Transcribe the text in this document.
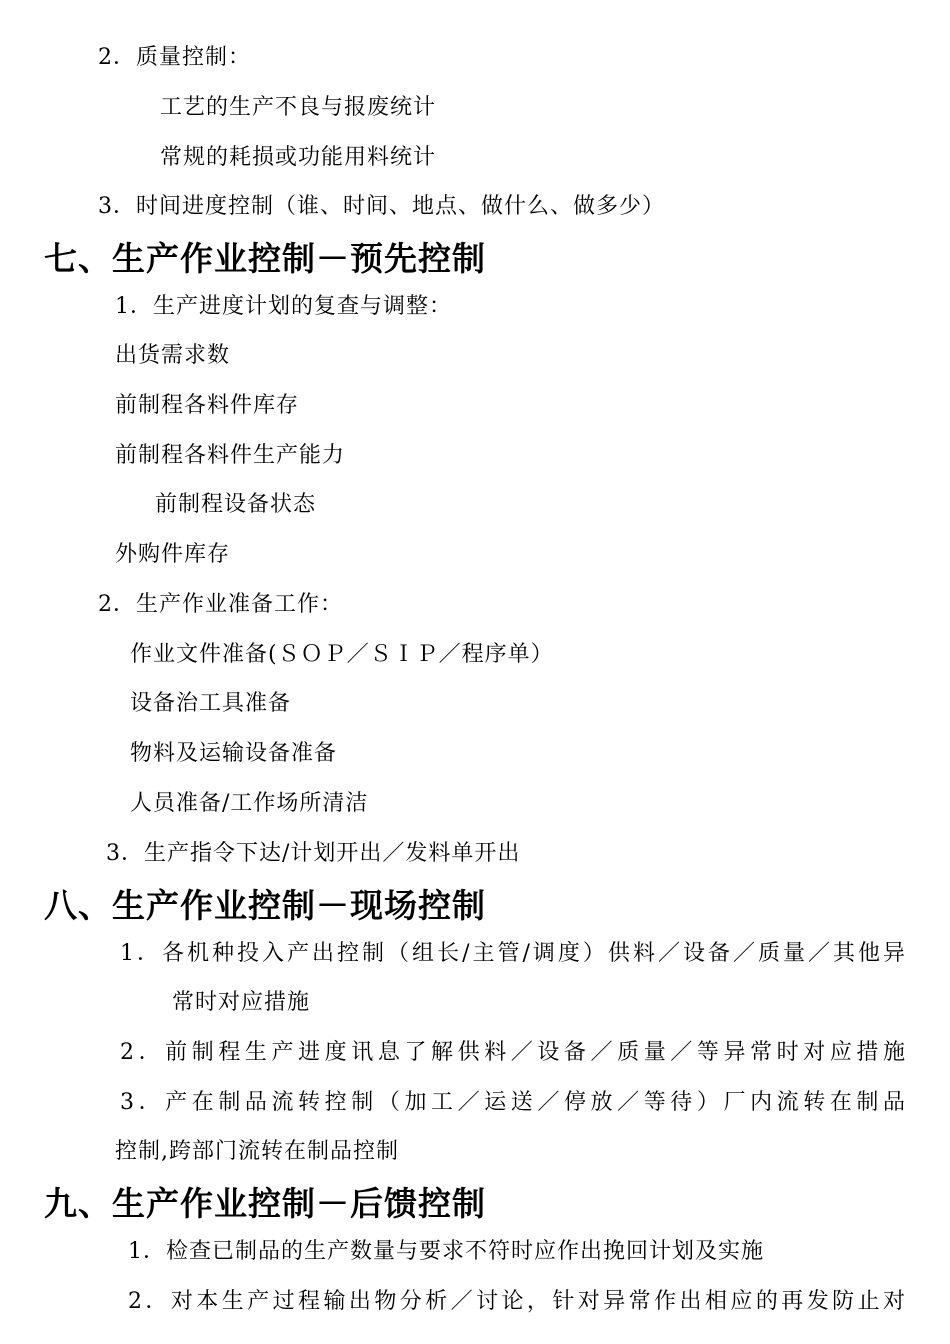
2．质量控制：
工艺的生产不良与报废统计
常规的耗损或功能用料统计
3．时间进度控制（谁、时间、地点、做什么、做多少）
七、生产作业控制－预先控制
1．生产进度计划的复查与调整：
出货需求数
前制程各料件库存
前制程各料件生产能力
前制程设备状态
外购件库存
2．生产作业准备工作：
作业文件准备(ＳＯＰ／ＳＩＰ／程序单）
设备治工具准备
物料及运输设备准备
人员准备/工作场所清洁
3．生产指令下达/计划开出／发料单开出
八、生产作业控制－现场控制
1．各机种投入产出控制（组长/主管/调度）供料／设备／质量／其他异
常时对应措施
2．前制程生产进度讯息了解供料／设备／质量／等异常时对应措施
3．产在制品流转控制（加工／运送／停放／等待）厂内流转在制品
控制,跨部门流转在制品控制
九、生产作业控制－后馈控制
1．检查已制品的生产数量与要求不符时应作出挽回计划及实施
2．对本生产过程输出物分析／讨论，针对异常作出相应的再发防止对
